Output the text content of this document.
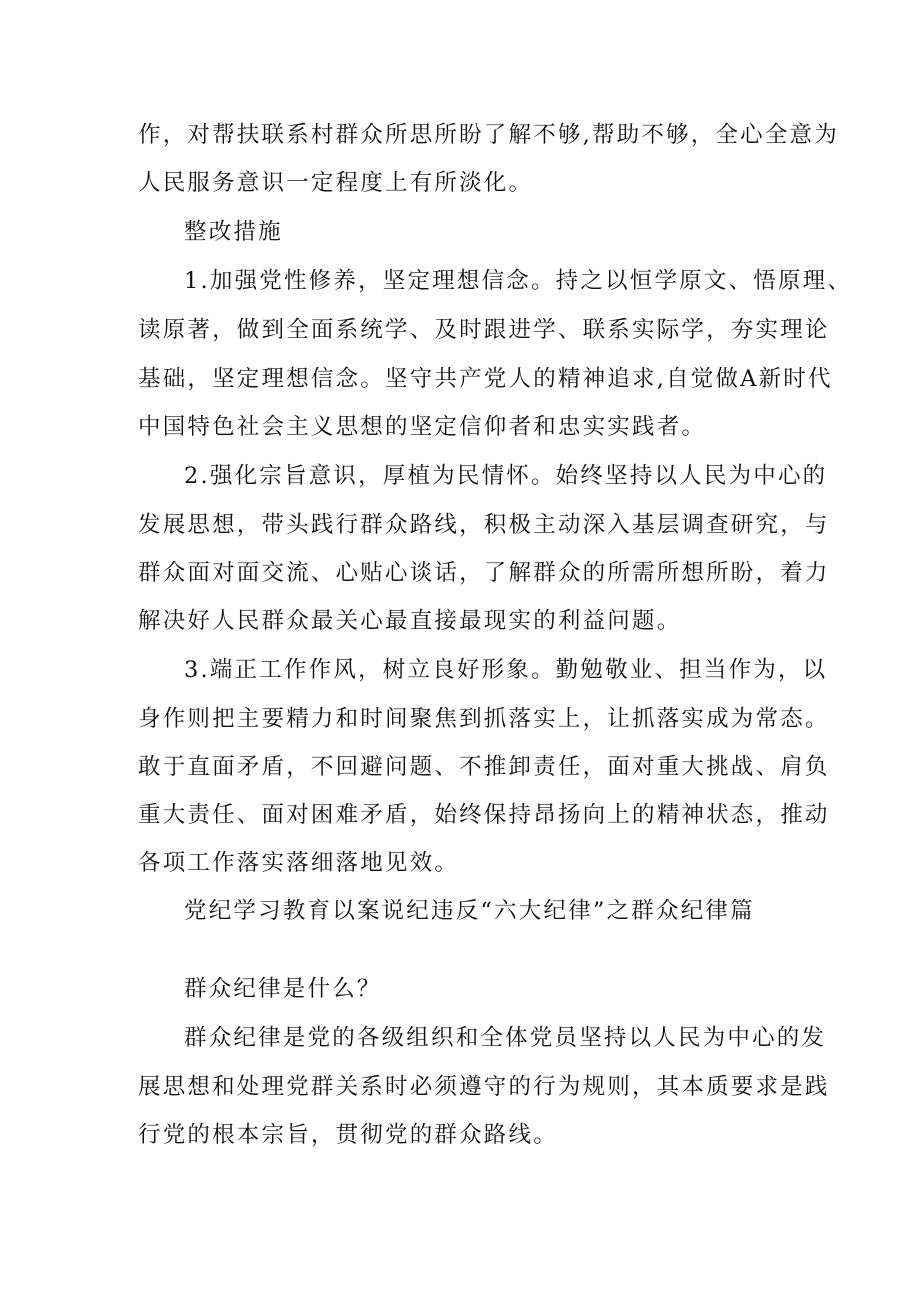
作，对帮扶联系村群众所思所盼了解不够,帮助不够，全心全意为
人民服务意识一定程度上有所淡化。
整改措施
1.加强党性修养，坚定理想信念。持之以恒学原文、悟原理、
读原著，做到全面系统学、及时跟进学、联系实际学，夯实理论
基础，坚定理想信念。坚守共产党人的精神追求,自觉做A新时代
中国特色社会主义思想的坚定信仰者和忠实实践者。
2.强化宗旨意识，厚植为民情怀。始终坚持以人民为中心的
发展思想，带头践行群众路线，积极主动深入基层调查研究，与
群众面对面交流、心贴心谈话，了解群众的所需所想所盼，着力
解决好人民群众最关心最直接最现实的利益问题。
3.端正工作作风，树立良好形象。勤勉敬业、担当作为，以
身作则把主要精力和时间聚焦到抓落实上，让抓落实成为常态。
敢于直面矛盾，不回避问题、不推卸责任，面对重大挑战、肩负
重大责任、面对困难矛盾，始终保持昂扬向上的精神状态，推动
各项工作落实落细落地见效。
党纪学习教育以案说纪违反“六大纪律”之群众纪律篇
群众纪律是什么？
群众纪律是党的各级组织和全体党员坚持以人民为中心的发
展思想和处理党群关系时必须遵守的行为规则，其本质要求是践
行党的根本宗旨，贯彻党的群众路线。
